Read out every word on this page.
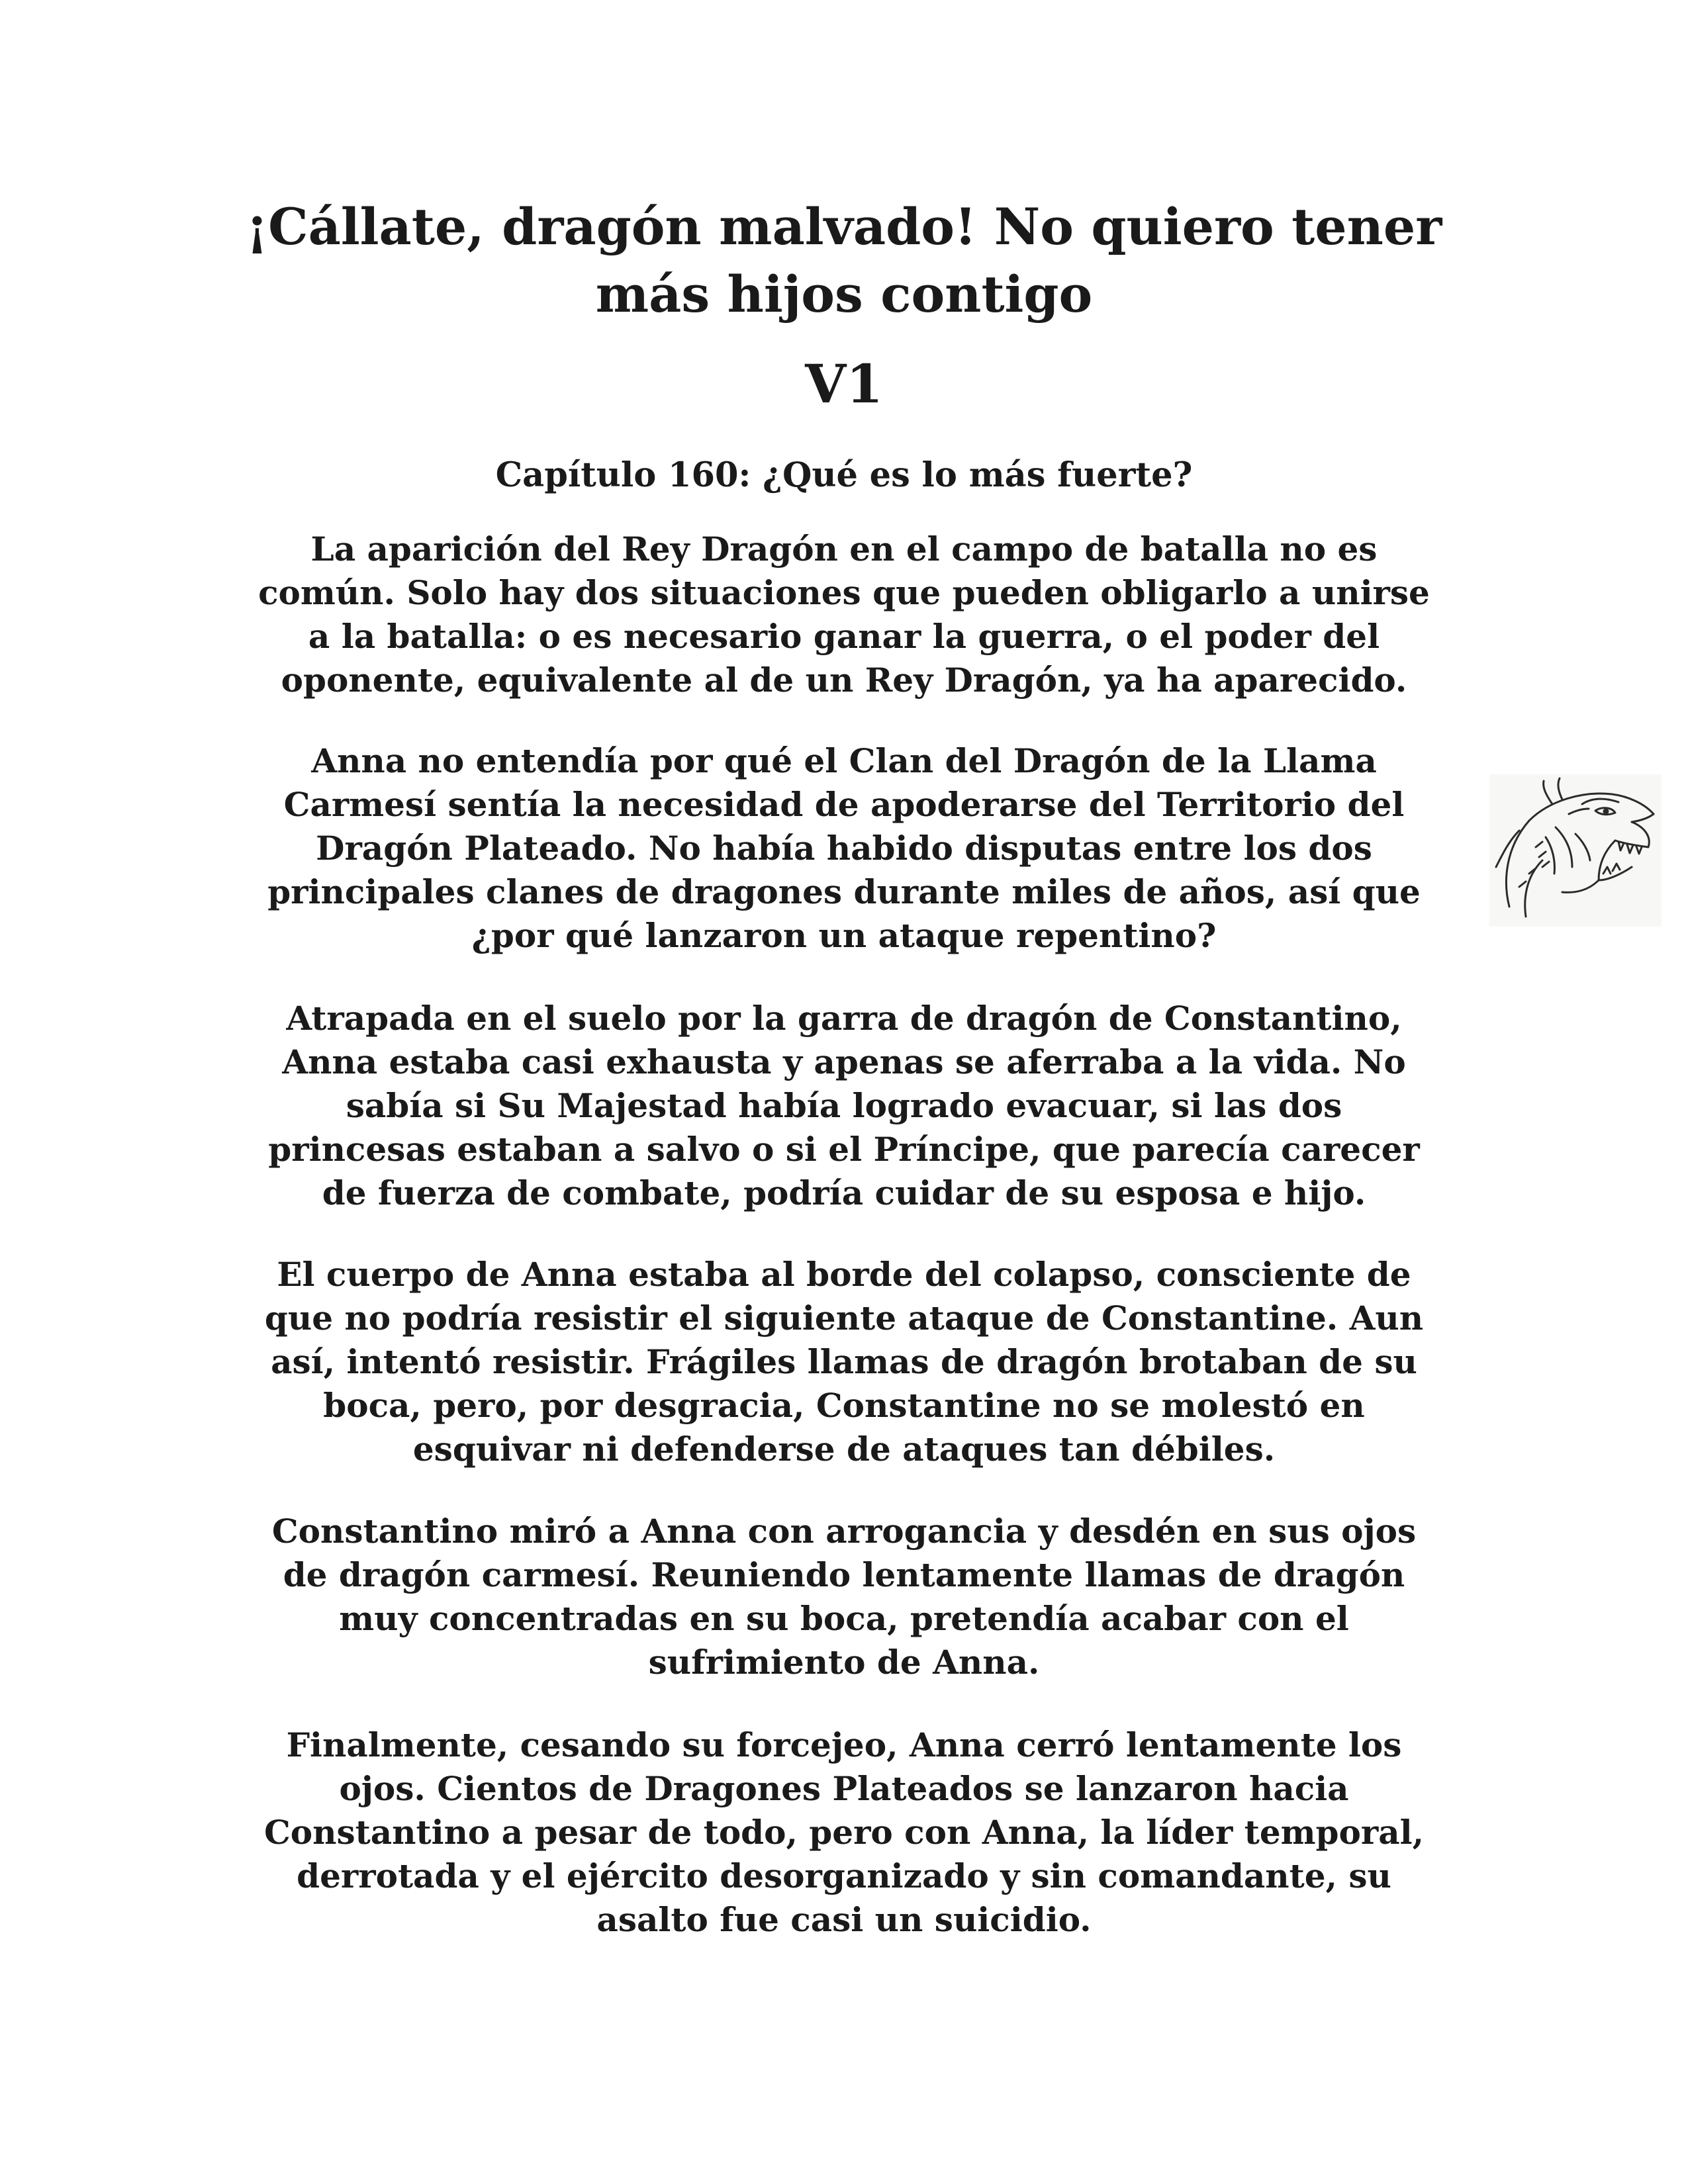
¡Cállate, dragón malvado! No quiero tener
más hijos contigo
V1
Capítulo 160: ¿Qué es lo más fuerte?

La aparición del Rey Dragón en el campo de batalla no es
común. Solo hay dos situaciones que pueden obligarlo a unirse
a la batalla: o es necesario ganar la guerra, o el poder del
oponente, equivalente al de un Rey Dragón, ya ha aparecido.

Anna no entendía por qué el Clan del Dragón de la Llama
Carmesí sentía la necesidad de apoderarse del Territorio del
Dragón Plateado. No había habido disputas entre los dos
principales clanes de dragones durante miles de años, así que
¿por qué lanzaron un ataque repentino?

Atrapada en el suelo por la garra de dragón de Constantino,
Anna estaba casi exhausta y apenas se aferraba a la vida. No
sabía si Su Majestad había logrado evacuar, si las dos
princesas estaban a salvo o si el Príncipe, que parecía carecer
de fuerza de combate, podría cuidar de su esposa e hijo.

El cuerpo de Anna estaba al borde del colapso, consciente de
que no podría resistir el siguiente ataque de Constantine. Aun
así, intentó resistir. Frágiles llamas de dragón brotaban de su
boca, pero, por desgracia, Constantine no se molestó en
esquivar ni defenderse de ataques tan débiles.

Constantino miró a Anna con arrogancia y desdén en sus ojos
de dragón carmesí. Reuniendo lentamente llamas de dragón
muy concentradas en su boca, pretendía acabar con el
sufrimiento de Anna.

Finalmente, cesando su forcejeo, Anna cerró lentamente los
ojos. Cientos de Dragones Plateados se lanzaron hacia
Constantino a pesar de todo, pero con Anna, la líder temporal,
derrotada y el ejército desorganizado y sin comandante, su
asalto fue casi un suicidio.
